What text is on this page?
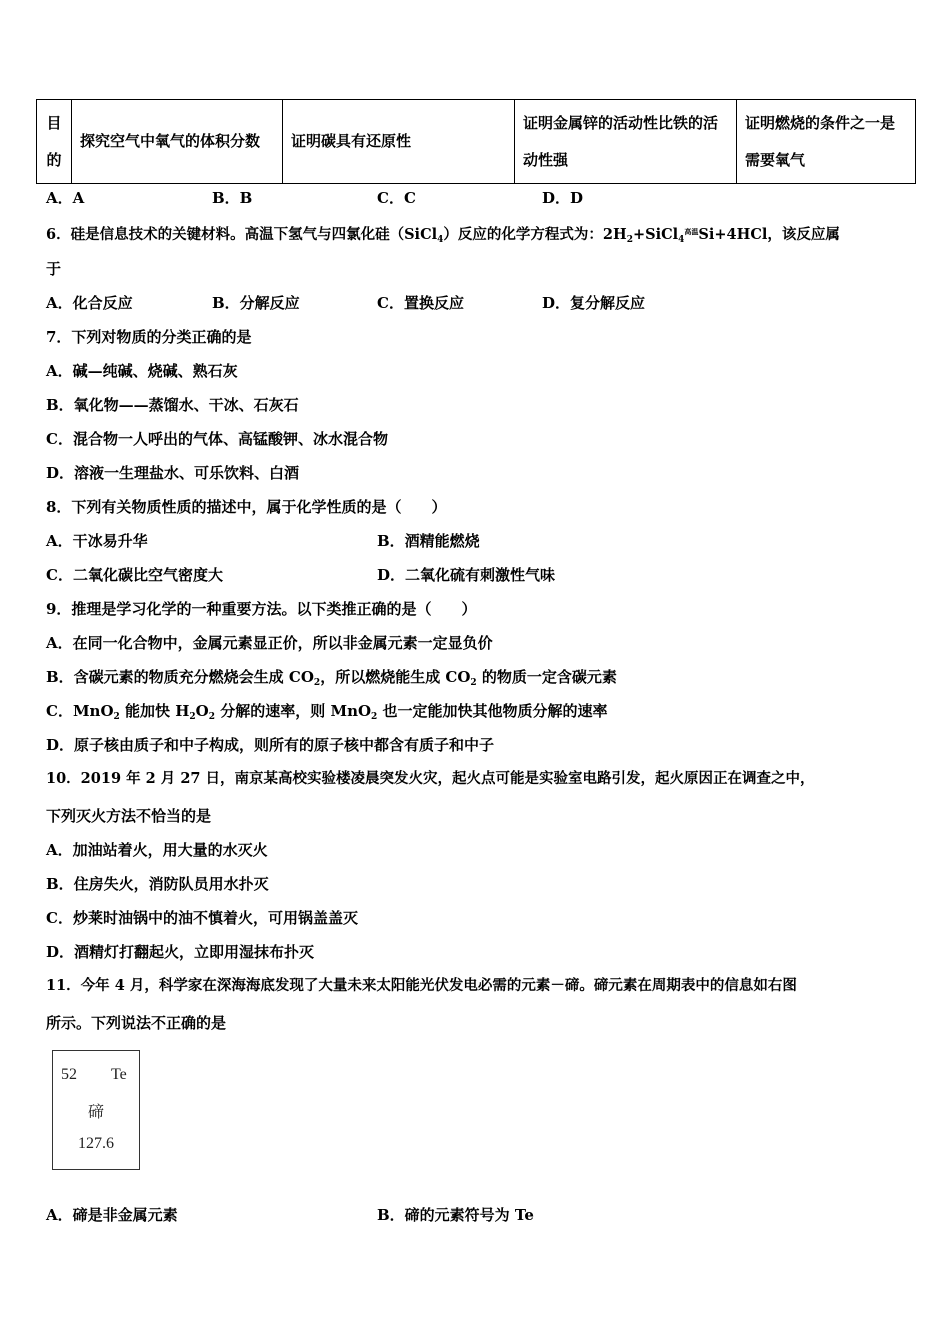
目的	探究空气中氧气的体积分数	证明碳具有还原性	证明金属锌的活动性比铁的活动性强	证明燃烧的条件之一是需要氧气
A．A	B．B	C．C	D．D
6．硅是信息技术的关键材料。高温下氢气与四氯化硅（SiCl$_4$）反应的化学方程式为：$2H_2+SiCl_4^{高温}Si+4HCl$，该反应属
于
A．化合反应	B．分解反应	C．置换反应	D．复分解反应
7．下列对物质的分类正确的是
A．碱—纯碱、烧碱、熟石灰
B．氧化物——蒸馏水、干冰、石灰石
C．混合物一人呼出的气体、高锰酸钾、冰水混合物
D．溶液一生理盐水、可乐饮料、白酒
8．下列有关物质性质的描述中，属于化学性质的是（　　）
A．干冰易升华	B．酒精能燃烧
C．二氧化碳比空气密度大	D．二氧化硫有刺激性气味
9．推理是学习化学的一种重要方法。以下类推正确的是（　　）
A．在同一化合物中，金属元素显正价，所以非金属元素一定显负价
B．含碳元素的物质充分燃烧会生成 $CO_2$，所以燃烧能生成 $CO_2$ 的物质一定含碳元素
C．MnO$_2$ 能加快 $H_2O_2$ 分解的速率，则 MnO$_2$ 也一定能加快其他物质分解的速率
D．原子核由质子和中子构成，则所有的原子核中都含有质子和中子
10．2019 年 2 月 27 日，南京某高校实验楼凌晨突发火灾，起火点可能是实验室电路引发，起火原因正在调查之中，
下列灭火方法不恰当的是
A．加油站着火，用大量的水灭火
B．住房失火，消防队员用水扑灭
C．炒莱时油锅中的油不慎着火，可用锅盖盖灭
D．酒精灯打翻起火，立即用湿抹布扑灭
11．今年 4 月，科学家在深海海底发现了大量未来太阳能光伏发电必需的元素－碲。碲元素在周期表中的信息如右图
所示。下列说法不正确的是
52 Te
碲
127.6
A．碲是非金属元素	B．碲的元素符号为 Te
